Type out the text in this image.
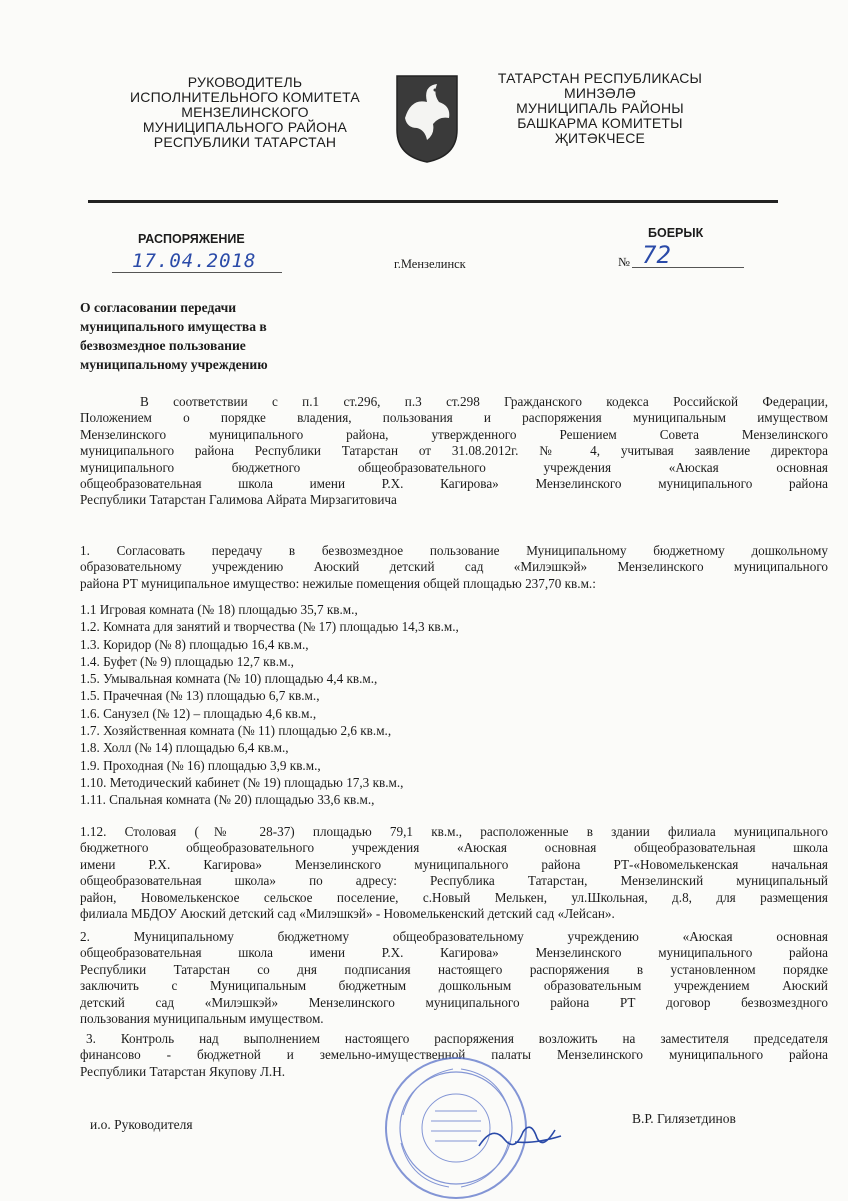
РУКОВОДИТЕЛЬ
ИСПОЛНИТЕЛЬНОГО КОМИТЕТА
МЕНЗЕЛИНСКОГО
МУНИЦИПАЛЬНОГО РАЙОНА
РЕСПУБЛИКИ ТАТАРСТАН
ТАТАРСТАН РЕСПУБЛИКАСЫ
МИНЗӘЛӘ
МУНИЦИПАЛЬ РАЙОНЫ
БАШКАРМА КОМИТЕТЫ
ҖИТӘКЧЕСЕ
РАСПОРЯЖЕНИЕ	БОЕРЫК
17.04.2018	г.Мензелинск	№ 72
О согласовании передачи
муниципального имущества в
безвозмездное пользование
муниципальному учреждению
В соответствии с п.1 ст.296, п.3 ст.298 Гражданского кодекса Российской Федерации,
Положением о порядке владения, пользования и распоряжения муниципальным имуществом
Мензелинского муниципального района, утвержденного Решением Совета Мензелинского
муниципального района Республики Татарстан от 31.08.2012г. № 4, учитывая заявление директора
муниципального бюджетного общеобразовательного учреждения «Аюская основная
общеобразовательная школа имени Р.Х. Кагирова» Мензелинского муниципального района
Республики Татарстан Галимова Айрата Мирзагитовича
1. Согласовать передачу в безвозмездное пользование Муниципальному бюджетному дошкольному
образовательному учреждению Аюский детский сад «Милэшкэй» Мензелинского муниципального
района РТ муниципальное имущество: нежилые помещения общей площадью 237,70 кв.м.:
1.1 Игровая комната (№ 18) площадью 35,7 кв.м.,
1.2. Комната для занятий и творчества (№ 17) площадью 14,3 кв.м.,
1.3. Коридор (№ 8) площадью 16,4 кв.м.,
1.4. Буфет (№ 9) площадью 12,7 кв.м.,
1.5. Умывальная комната (№ 10) площадью 4,4 кв.м.,
1.5. Прачечная (№ 13) площадью 6,7 кв.м.,
1.6. Санузел (№ 12) – площадью 4,6 кв.м.,
1.7. Хозяйственная комната (№ 11) площадью 2,6 кв.м.,
1.8. Холл (№ 14) площадью 6,4 кв.м.,
1.9. Проходная (№ 16) площадью 3,9 кв.м.,
1.10. Методический кабинет (№ 19) площадью 17,3 кв.м.,
1.11. Спальная комната (№ 20) площадью 33,6 кв.м.,
1.12. Столовая (№ 28-37) площадью 79,1 кв.м., расположенные в здании филиала муниципального
бюджетного общеобразовательного учреждения «Аюская основная общеобразовательная школа
имени Р.Х. Кагирова» Мензелинского муниципального района РТ-«Новомелькенская начальная
общеобразовательная школа» по адресу: Республика Татарстан, Мензелинский муниципальный
район, Новомелькенское сельское поселение, с.Новый Мелькен, ул.Школьная, д.8, для размещения
филиала МБДОУ Аюский детский сад «Милэшкэй» - Новомелькенский детский сад «Лейсан».
2. Муниципальному бюджетному общеобразовательному учреждению «Аюская основная
общеобразовательная школа имени Р.Х. Кагирова» Мензелинского муниципального района
Республики Татарстан со дня подписания настоящего распоряжения в установленном порядке
заключить с Муниципальным бюджетным дошкольным образовательным учреждением Аюский
детский сад «Милэшкэй» Мензелинского муниципального района РТ договор безвозмездного
пользования муниципальным имуществом.
3. Контроль над выполнением настоящего распоряжения возложить на заместителя председателя
финансово - бюджетной и земельно-имущественной палаты Мензелинского муниципального района
Республики Татарстан Якупову Л.Н.
и.о. Руководителя	В.Р. Гилязетдинов
